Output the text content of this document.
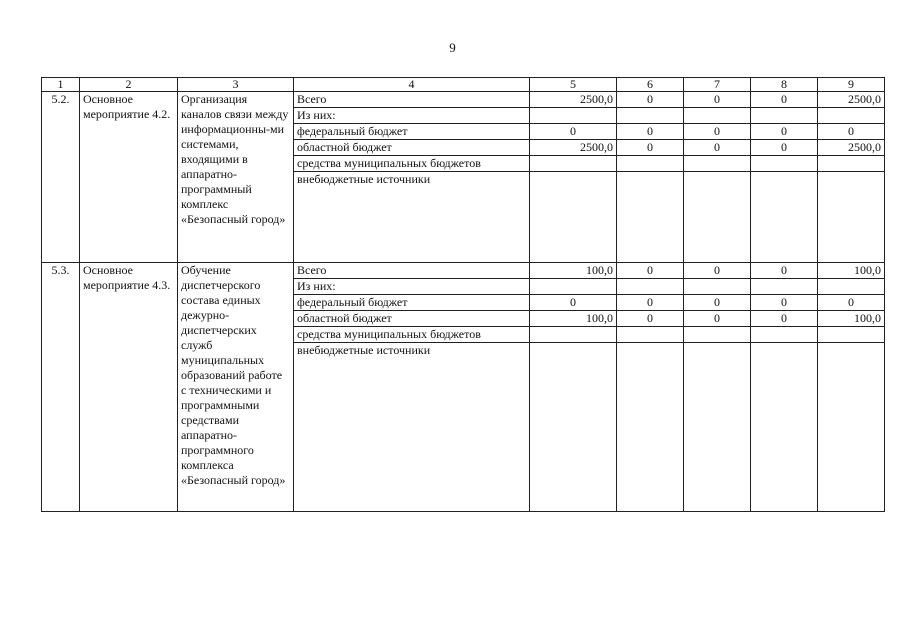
9
1	2	3	4	5	6	7	8	9
5.2.	Основное мероприятие 4.2.	Организация каналов связи между информационны-ми системами, входящими в аппаратно-программный комплекс «Безопасный город»	Всего	2500,0	0	0	0	2500,0
			Из них:					
			федеральный бюджет	0	0	0	0	0
			областной бюджет	2500,0	0	0	0	2500,0
			средства муниципальных бюджетов					
			внебюджетные источники					
5.3.	Основное мероприятие 4.3.	Обучение диспетчерского состава единых дежурно-диспетчерских служб муниципальных образований работе с техническими и программными средствами аппаратно-программного комплекса «Безопасный город»	Всего	100,0	0	0	0	100,0
			Из них:					
			федеральный бюджет	0	0	0	0	0
			областной бюджет	100,0	0	0	0	100,0
			средства муниципальных бюджетов					
			внебюджетные источники					
